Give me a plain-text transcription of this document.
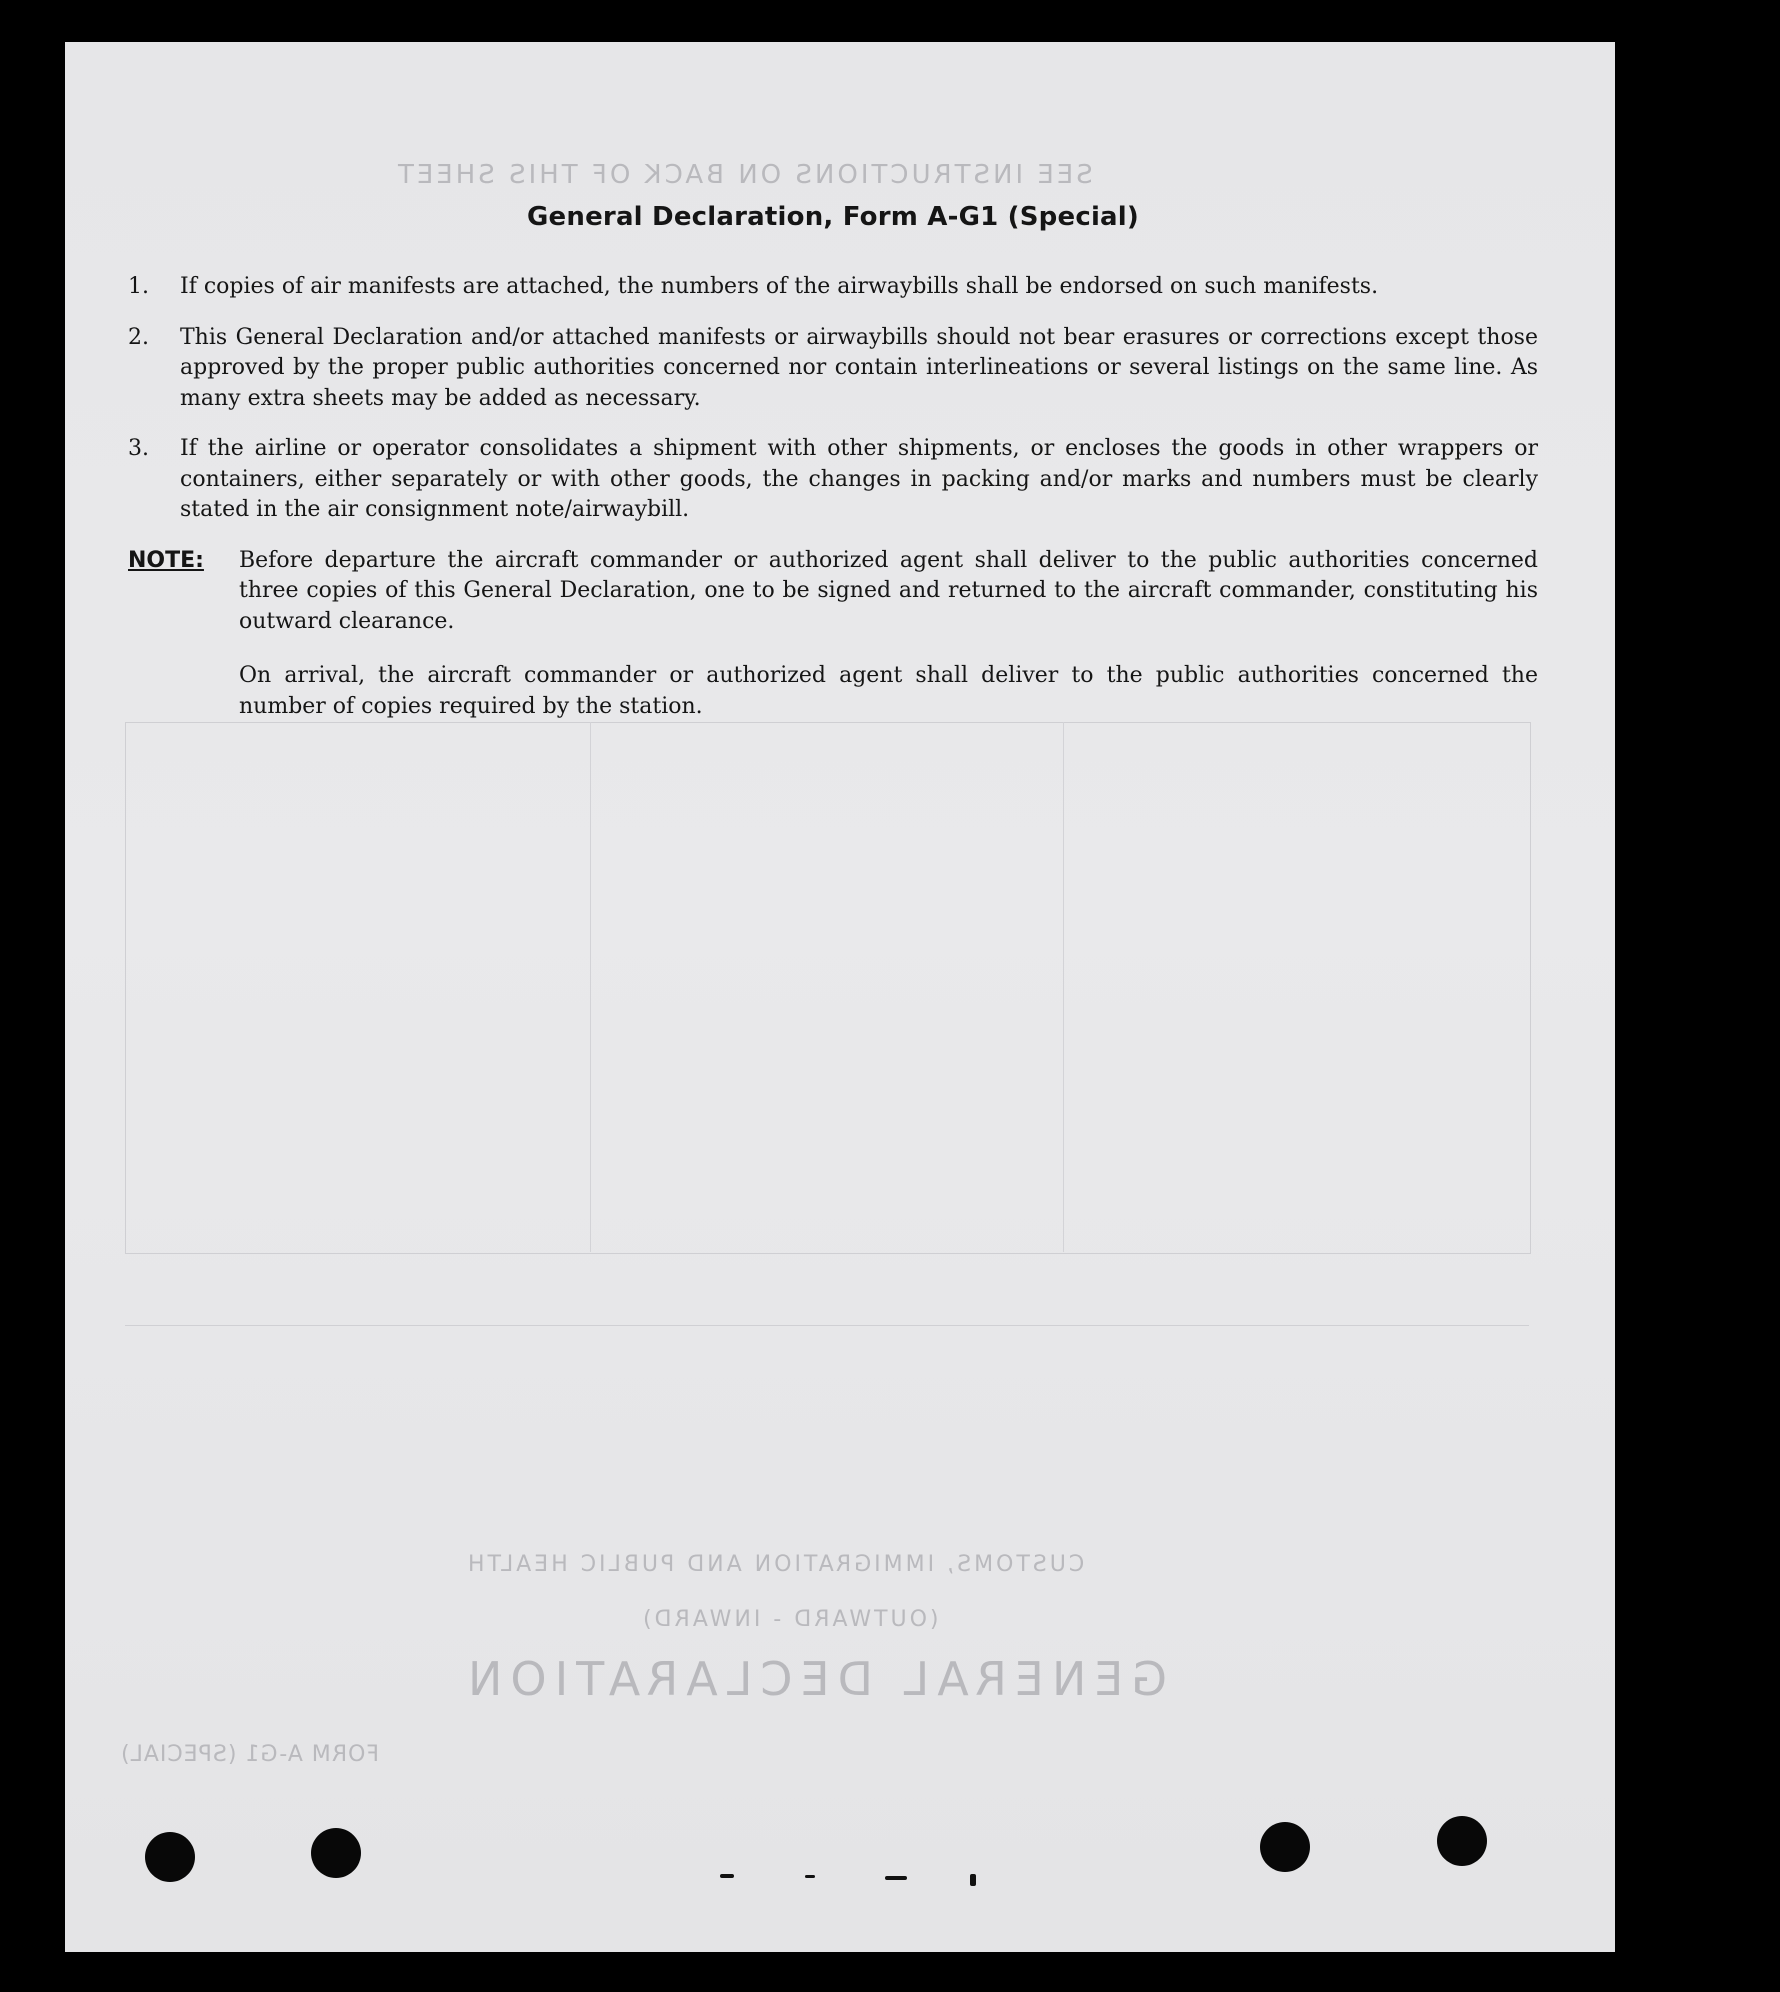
SEE INSTRUCTIONS ON BACK OF THIS SHEET
GENERAL DECLARATION
(OUTWARD - INWARD)
CUSTOMS, IMMIGRATION AND PUBLIC HEALTH
FORM A-G1 (SPECIAL)
General Declaration, Form A-G1 (Special)
1.	If copies of air manifests are attached, the numbers of the airwaybills shall be endorsed on such manifests.
2.	This General Declaration and/or attached manifests or airwaybills should not bear erasures or corrections except those approved by the proper public authorities concerned nor contain interlineations or several listings on the same line. As many extra sheets may be added as necessary.
3.	If the airline or operator consolidates a shipment with other shipments, or encloses the goods in other wrappers or containers, either separately or with other goods, the changes in packing and/or marks and numbers must be clearly stated in the air consignment note/airwaybill.
NOTE:	Before departure the aircraft commander or authorized agent shall deliver to the public authorities concerned three copies of this General Declaration, one to be signed and returned to the aircraft commander, constituting his outward clearance.

On arrival, the aircraft commander or authorized agent shall deliver to the public authorities concerned the number of copies required by the station.
